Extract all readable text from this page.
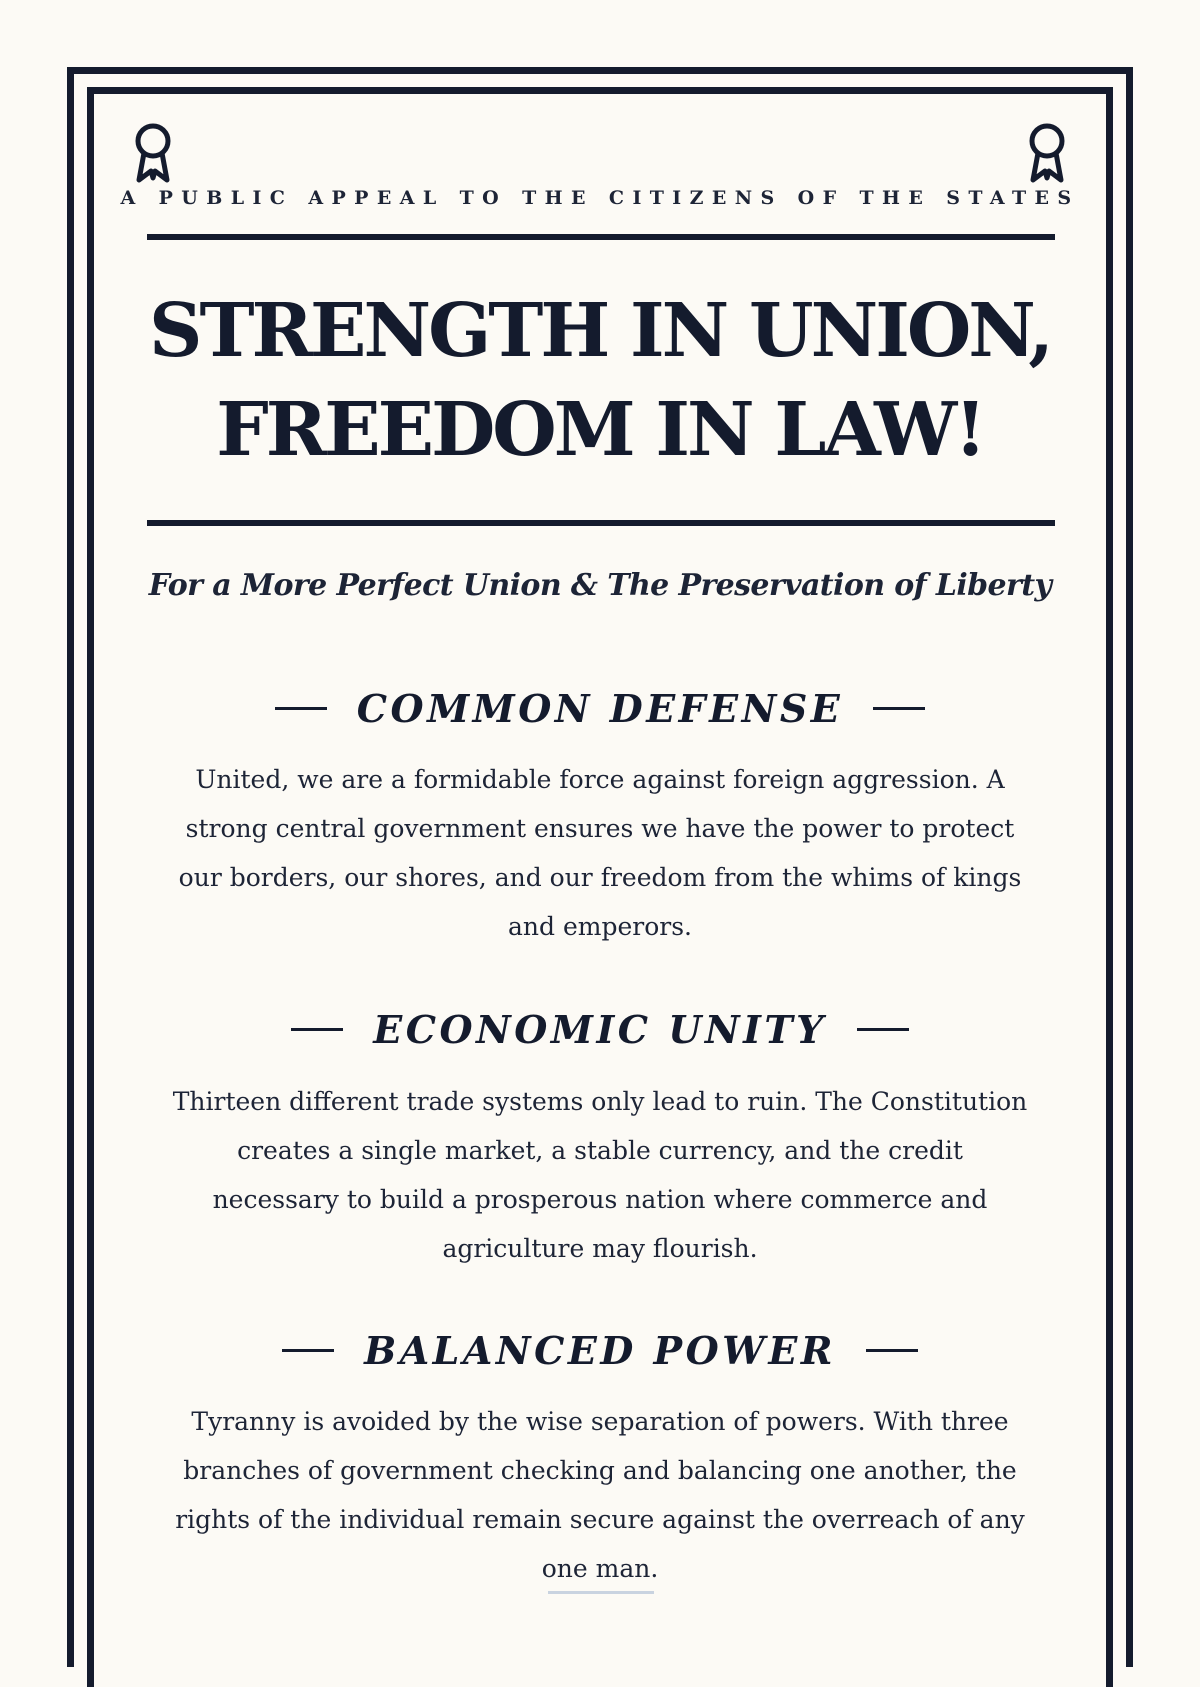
A PUBLIC APPEAL TO THE CITIZENS OF THE STATES
STRENGTH IN UNION,
FREEDOM IN LAW!
For a More Perfect Union & The Preservation of Liberty
COMMON DEFENSE

United, we are a formidable force against foreign aggression. A strong central government ensures we have the power to protect our borders, our shores, and our freedom from the whims of kings and emperors.

ECONOMIC UNITY

Thirteen different trade systems only lead to ruin. The Constitution creates a single market, a stable currency, and the credit necessary to build a prosperous nation where commerce and agriculture may flourish.

BALANCED POWER

Tyranny is avoided by the wise separation of powers. With three branches of government checking and balancing one another, the rights of the individual remain secure against the overreach of any one man.
